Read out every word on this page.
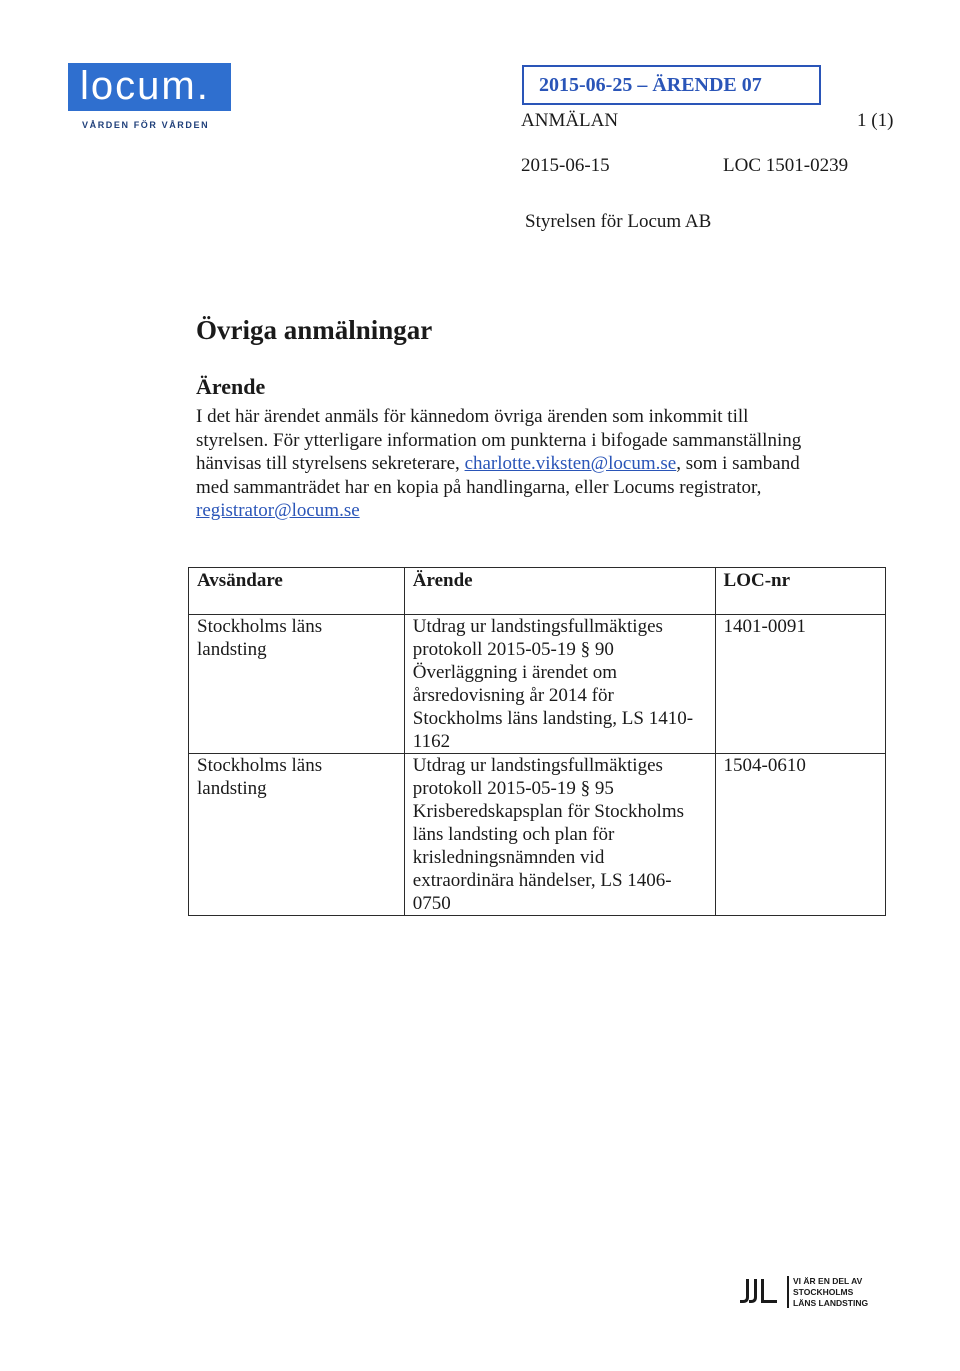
locum.
VÅRDEN FÖR VÅRDEN
2015-06-25 – ÄRENDE 07
ANMÄLAN	1 (1)
2015-06-15	LOC 1501-0239
Styrelsen för Locum AB
Övriga anmälningar
Ärende
I det här ärendet anmäls för kännedom övriga ärenden som inkommit till styrelsen. För ytterligare information om punkterna i bifogade sammanställning hänvisas till styrelsens sekreterare, charlotte.viksten@locum.se, som i samband med sammanträdet har en kopia på handlingarna, eller Locums registrator, registrator@locum.se
Avsändare	Ärende	LOC-nr
Stockholms läns landsting	Utdrag ur landstingsfullmäktiges protokoll 2015-05-19 § 90 Överläggning i ärendet om årsredovisning år 2014 för Stockholms läns landsting, LS 1410-1162	1401-0091
Stockholms läns landsting	Utdrag ur landstingsfullmäktiges protokoll 2015-05-19 § 95 Krisberedskapsplan för Stockholms läns landsting och plan för krisledningsnämnden vid extraordinära händelser, LS 1406-0750	1504-0610
VI ÄR EN DEL AV
STOCKHOLMS
LÄNS LANDSTING
